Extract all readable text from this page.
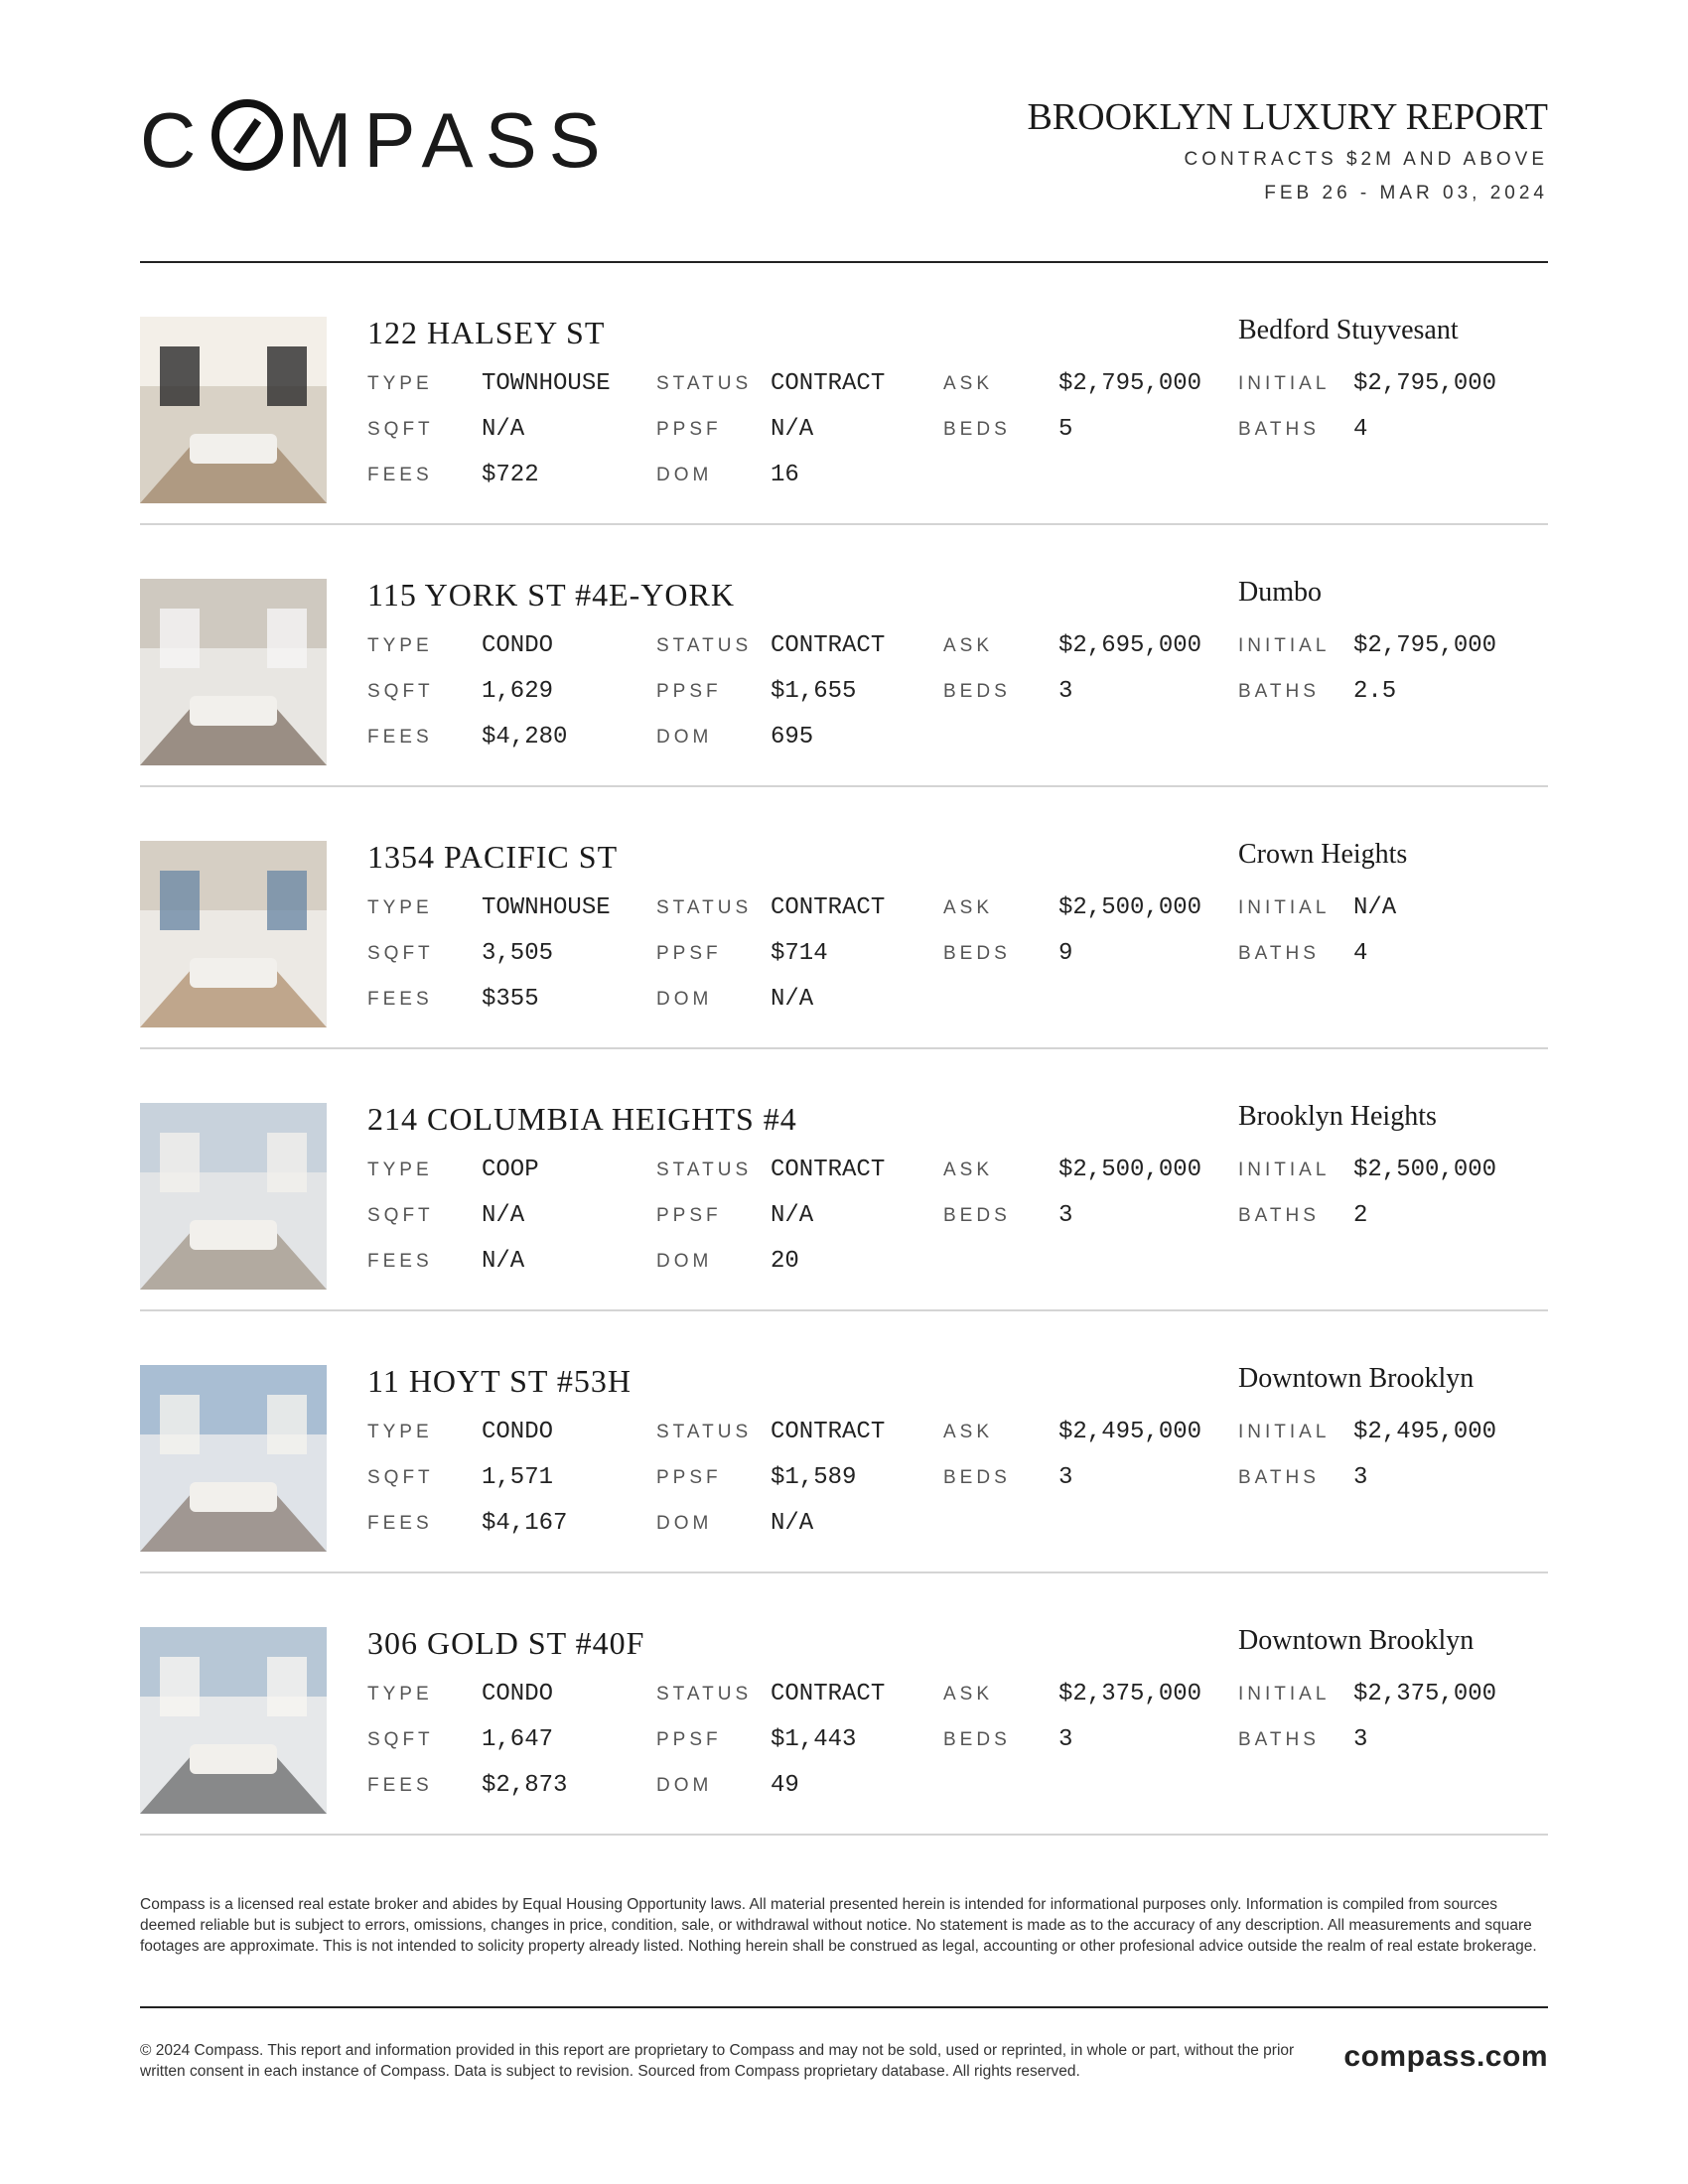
C MPASS	BROOKLYN LUXURY REPORT
CONTRACTS $2M AND ABOVE
FEB 26 - MAR 03, 2024
122 HALSEY ST	Bedford Stuyvesant
TYPE TOWNHOUSE STATUS CONTRACT	ASK	$2,795,000 INITIAL $2,795,000
SQFT N/A	PPSF N/A	BEDS 5	BATHS 4
FEES $722	DOM 16
115 YORK ST #4E-YORK	Dumbo
TYPE CONDO	STATUS CONTRACT	ASK	$2,695,000 INITIAL $2,795,000
SQFT 1,629	PPSF $1,655	BEDS 3	BATHS 2.5
FEES $4,280	DOM 695
1354 PACIFIC ST	Crown Heights
TYPE TOWNHOUSE STATUS CONTRACT	ASK	$2,500,000 INITIAL N/A
SQFT 3,505	PPSF $714	BEDS 9	BATHS 4
FEES $355	DOM N/A
214 COLUMBIA HEIGHTS #4	Brooklyn Heights
TYPE COOP	STATUS CONTRACT	ASK	$2,500,000 INITIAL $2,500,000
SQFT N/A	PPSF N/A	BEDS 3	BATHS 2
FEES N/A	DOM 20
11 HOYT ST #53H	Downtown Brooklyn
TYPE CONDO	STATUS CONTRACT	ASK	$2,495,000 INITIAL $2,495,000
SQFT 1,571	PPSF $1,589	BEDS 3	BATHS 3
FEES $4,167	DOM N/A
306 GOLD ST #40F	Downtown Brooklyn
TYPE CONDO	STATUS CONTRACT	ASK	$2,375,000 INITIAL $2,375,000
SQFT 1,647	PPSF $1,443	BEDS 3	BATHS 3
FEES $2,873	DOM 49
Compass is a licensed real estate broker and abides by Equal Housing Opportunity laws. All material presented herein is intended for informational purposes only. Information is compiled from sources deemed reliable but is subject to errors, omissions, changes in price, condition, sale, or withdrawal without notice. No statement is made as to the accuracy of any description. All measurements and square footages are approximate. This is not intended to solicity property already listed. Nothing herein shall be construed as legal, accounting or other profesional advice outside the realm of real estate brokerage.
© 2024 Compass. This report and information provided in this report are proprietary to Compass and may not be sold, used or reprinted, in whole or part, without the prior written consent in each instance of Compass. Data is subject to revision. Sourced from Compass proprietary database. All rights reserved.	compass.com
